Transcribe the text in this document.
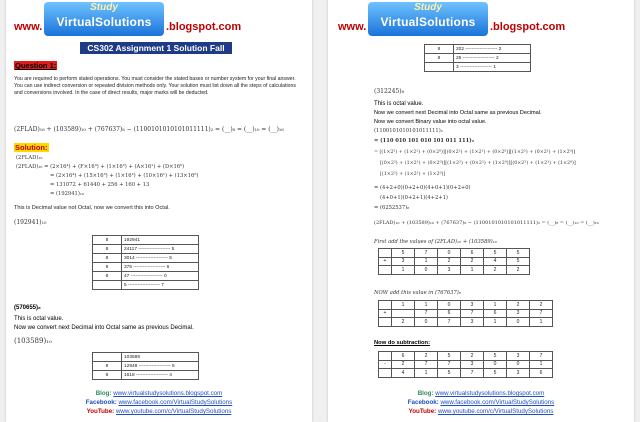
www.
Study
VirtualSolutions	.blogspot.com
CS302 Assignment 1 Solution Fall 2021
Question 1:
You are required to perform stated operations. You must consider the stated bases or number system for your final answer. You can use indirect conversion or repeated division methods only. Your solution must list down all the steps of calculations and conversions involved. In the case of direct results, major marks will be deducted.
(2FLAD)₁₆ + (103589)₁₀ + (767637)₈ − (1100101010101011111)₂ = (__)₈ = (__)₁₀ = (__)₁₆
Solution:
(2FLAD)₁₆
(2FLAD)₁₆ = (2×16⁴) + (F×16³) + (1×16²) + (A×16¹) + (D×16⁰)
= (2×16⁴) + (15×16³) + (1×16²) + (10×16¹) + (13×16⁰)
= 131072 + 61440 + 256 + 160 + 13
= (192941)₁₀
This is Decimal value not Octal, now we convert this into Octal.
(192941)₁₀
8	192941
8	24117 -------------------- 5
8	3014 -------------------- 5
8	376 -------------------- 6
8	47 -------------------- 0
	5 -------------------- 7
(570655)₈
This is octal value.
Now we convert next Decimal into Octal same as previous Decimal.
(103589)₁₀
	103589
8	12948 -------------------- 5
8	1618 -------------------- 4
Blog: www.virtualstudysolutions.blogspot.com
Facebook: www.facebook.com/VirtualStudySolutions
YouTube: www.youtube.com/c/VirtualStudySolutions
www.
Study
VirtualSolutions	.blogspot.com
8	202 -------------------- 2
8	25 -------------------- 2
	3 -------------------- 1
(312245)₈
This is octal value.
Now we convert next Decimal into Octal same as previous Decimal.
Now we convert Binary value into octal value.
(1100101010101011111)₂
= (110 010 101 010 101 011 111)₂
= [(1×2²) + (1×2¹) + (0×2⁰)][(0×2²) + (1×2¹) + (0×2⁰)][(1×2²) + (0×2¹) + (1×2⁰)]
[(0×2²) + (1×2¹) + (0×2⁰)][(1×2²) + (0×2¹) + (1×2⁰)][(0×2²) + (1×2¹) + (1×2⁰)]
[(1×2²) + (1×2¹) + (1×2⁰)]
= (4+2+0)(0+2+0)(4+0+1)(0+2+0)
(4+0+1)(0+2+1)(4+2+1)
= (6252537)₈
(2FLAD)₁₆ + (103589)₁₀ + (767637)₈ − (1100101010101011111)₂ = (__)₈ = (__)₁₀ = (__)₁₆
First add the values of (2FLAD)₁₆ + (103589)₁₀
	5	7	0	6	5	5
+	3	1	2	2	4	5
	1	0	3	1	2	2
NOW add this value in (767637)₈
	1	1	0	3	1	2	2
+		7	6	7	6	3	7
	2	0	7	3	1	0	1
Now do subtraction:
	6	2	5	2	5	3	7
-	2	7	7	3	0	0	1
	4	1	5	7	5	3	6
Blog: www.virtualstudysolutions.blogspot.com
Facebook: www.facebook.com/VirtualStudySolutions
YouTube: www.youtube.com/c/VirtualStudySolutions
